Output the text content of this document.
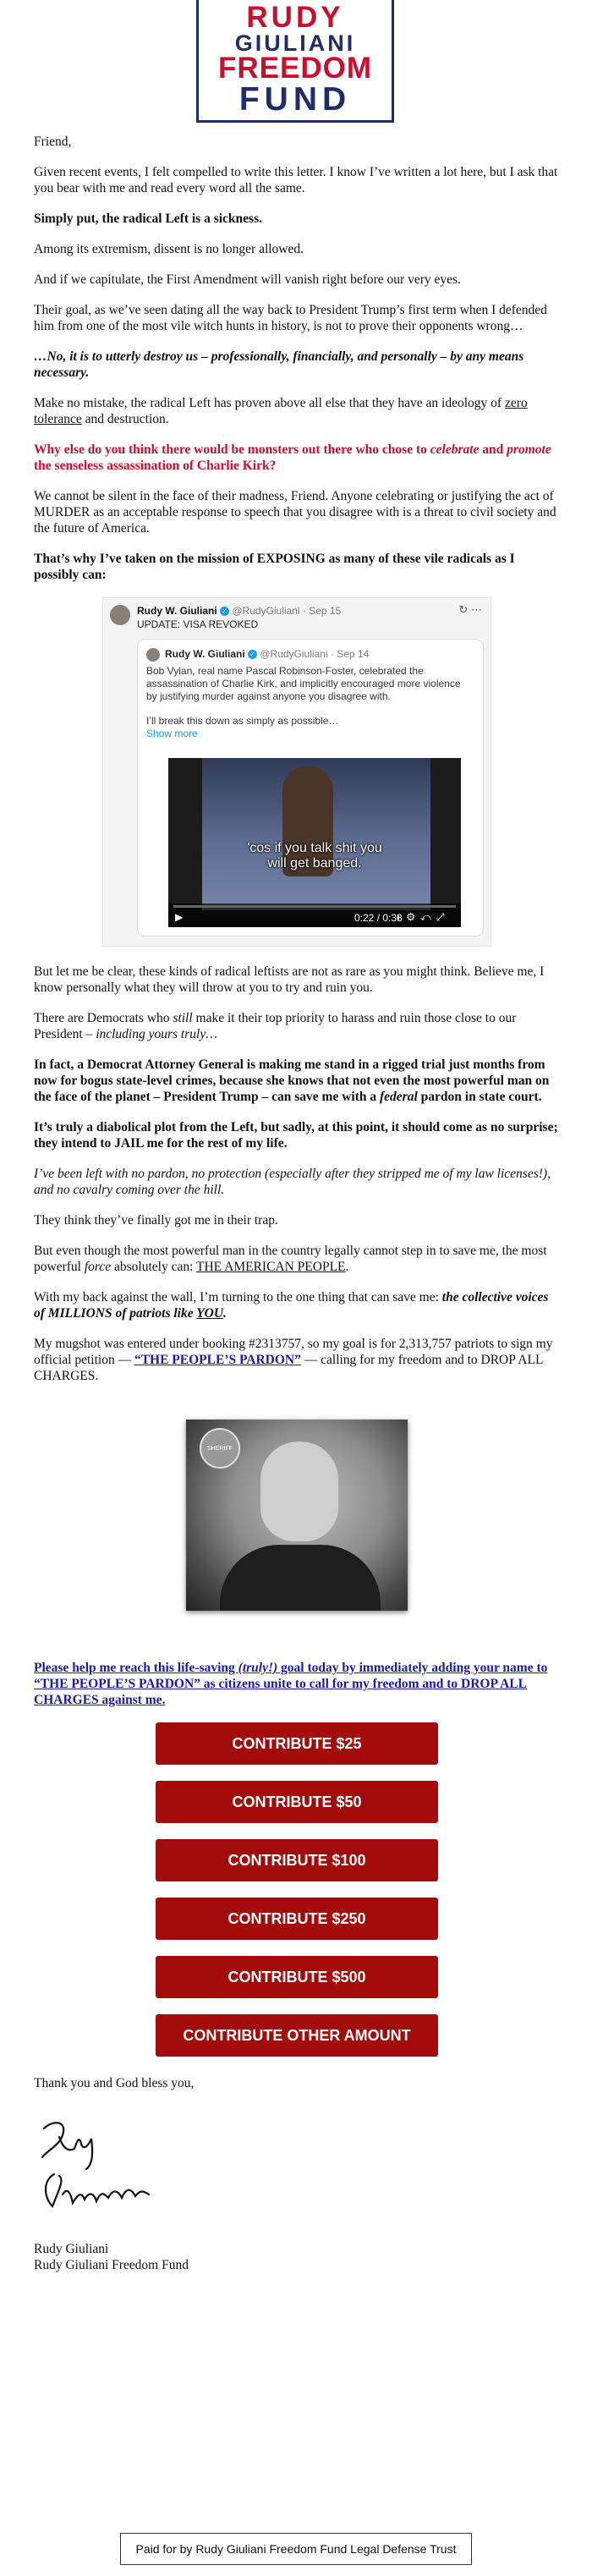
RUDY
GIULIANI
FREEDOM
FUND

Friend,

Given recent events, I felt compelled to write this letter. I know I’ve written a lot here, but I ask that you bear with me and read every word all the same.

Simply put, the radical Left is a sickness.

Among its extremism, dissent is no longer allowed.

And if we capitulate, the First Amendment will vanish right before our very eyes.

Their goal, as we’ve seen dating all the way back to President Trump’s first term when I defended him from one of the most vile witch hunts in history, is not to prove their opponents wrong…

…No, it is to utterly destroy us – professionally, financially, and personally – by any means necessary.

Make no mistake, the radical Left has proven above all else that they have an ideology of zero tolerance and destruction.

Why else do you think there would be monsters out there who chose to celebrate and promote the senseless assassination of Charlie Kirk?

We cannot be silent in the face of their madness, Friend. Anyone celebrating or justifying the act of MURDER as an acceptable response to speech that you disagree with is a threat to civil society and the future of America.

That’s why I’ve taken on the mission of EXPOSING as many of these vile radicals as I possibly can:

Rudy W. Giuliani ✓ @RudyGiuliani · Sep 15	↻ ⋯
UPDATE: VISA REVOKED
Rudy W. Giuliani ✓ @RudyGiuliani · Sep 14
Bob Vylan, real name Pascal Robinson-Foster, celebrated the assassination of Charlie Kirk, and implicitly encouraged more violence by justifying murder against anyone you disagree with.
I’ll break this down as simply as possible…
Show more
'cos if you talk shit you
will get banged.
▶	0:22 / 0:33
◖⚙⤺⤢

But let me be clear, these kinds of radical leftists are not as rare as you might think. Believe me, I know personally what they will throw at you to try and ruin you.

There are Democrats who still make it their top priority to harass and ruin those close to our President – including yours truly…

In fact, a Democrat Attorney General is making me stand in a rigged trial just months from now for bogus state-level crimes, because she knows that not even the most powerful man on the face of the planet – President Trump – can save me with a federal pardon in state court.

It’s truly a diabolical plot from the Left, but sadly, at this point, it should come as no surprise; they intend to JAIL me for the rest of my life.

I’ve been left with no pardon, no protection (especially after they stripped me of my law licenses!), and no cavalry coming over the hill.

They think they’ve finally got me in their trap.

But even though the most powerful man in the country legally cannot step in to save me, the most powerful force absolutely can: THE AMERICAN PEOPLE.

With my back against the wall, I’m turning to the one thing that can save me: the collective voices of MILLIONS of patriots like YOU.

My mugshot was entered under booking #2313757, so my goal is for 2,313,757 patriots to sign my official petition — “THE PEOPLE’S PARDON” — calling for my freedom and to DROP ALL CHARGES.

SHERIFF
Please help me reach this life-saving (truly!) goal today by immediately adding your name to “THE PEOPLE’S PARDON” as citizens unite to call for my freedom and to DROP ALL CHARGES against me.
CONTRIBUTE $25
CONTRIBUTE $50
CONTRIBUTE $100
CONTRIBUTE $250
CONTRIBUTE $500
CONTRIBUTE OTHER AMOUNT

Thank you and God bless you,

Rudy Giuliani
Rudy Giuliani Freedom Fund
Paid for by Rudy Giuliani Freedom Fund Legal Defense Trust
